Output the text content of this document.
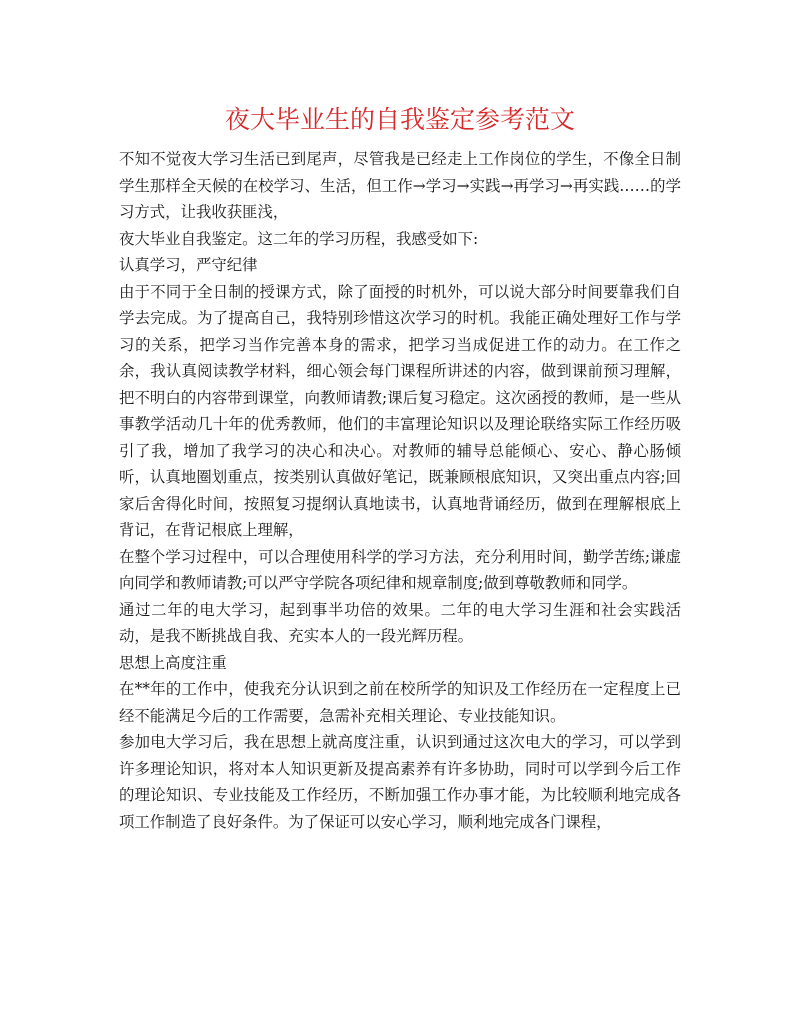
夜大毕业生的自我鉴定参考范文

不知不觉夜大学习生活已到尾声，尽管我是已经走上工作岗位的学生，不像全日制学生那样全天候的在校学习、生活，但工作→学习→实践→再学习→再实践……的学习方式，让我收获匪浅，

夜大毕业自我鉴定。这二年的学习历程，我感受如下:

认真学习，严守纪律

由于不同于全日制的授课方式，除了面授的时机外，可以说大部分时间要靠我们自学去完成。为了提高自己，我特别珍惜这次学习的时机。我能正确处理好工作与学习的关系，把学习当作完善本身的需求，把学习当成促进工作的动力。在工作之余，我认真阅读教学材料，细心领会每门课程所讲述的内容，做到课前预习理解，把不明白的内容带到课堂，向教师请教;课后复习稳定。这次函授的教师，是一些从事教学活动几十年的优秀教师，他们的丰富理论知识以及理论联络实际工作经历吸引了我，增加了我学习的决心和决心。对教师的辅导总能倾心、安心、静心肠倾听，认真地圈划重点，按类别认真做好笔记，既兼顾根底知识，又突出重点内容;回家后舍得化时间，按照复习提纲认真地读书，认真地背诵经历，做到在理解根底上背记，在背记根底上理解，

在整个学习过程中，可以合理使用科学的学习方法，充分利用时间，勤学苦练;谦虚向同学和教师请教;可以严守学院各项纪律和规章制度;做到尊敬教师和同学。

通过二年的电大学习，起到事半功倍的效果。二年的电大学习生涯和社会实践活动，是我不断挑战自我、充实本人的一段光辉历程。

思想上高度注重

在**年的工作中，使我充分认识到之前在校所学的知识及工作经历在一定程度上已经不能满足今后的工作需要，急需补充相关理论、专业技能知识。

参加电大学习后，我在思想上就高度注重，认识到通过这次电大的学习，可以学到许多理论知识，将对本人知识更新及提高素养有许多协助，同时可以学到今后工作的理论知识、专业技能及工作经历，不断加强工作办事才能，为比较顺利地完成各项工作制造了良好条件。为了保证可以安心学习，顺利地完成各门课程，
